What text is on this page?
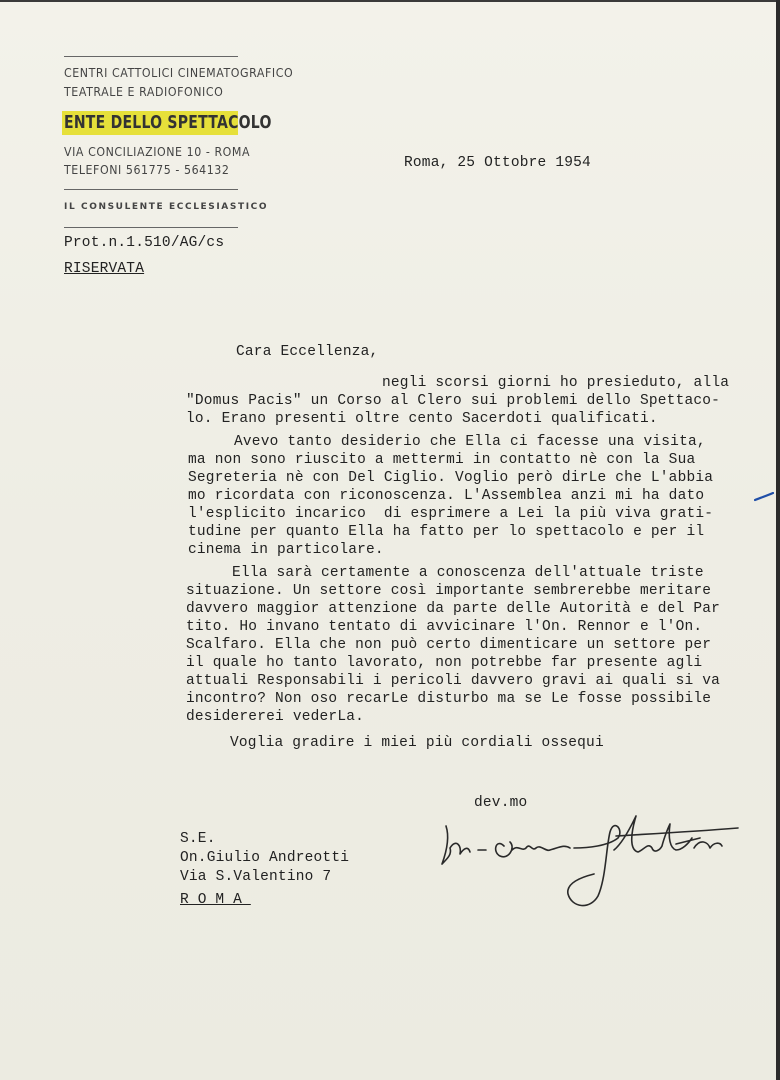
CENTRI CATTOLICI CINEMATOGRAFICO
TEATRALE E RADIOFONICO
ENTE DELLO SPETTACOLO
VIA CONCILIAZIONE 10 - ROMA
TELEFONI 561775 - 564132
IL CONSULENTE ECCLESIASTICO
Prot.n.1.510/AG/cs
RISERVATA
Roma, 25 Ottobre 1954
Cara Eccellenza,
negli scorsi giorni ho presieduto, alla
"Domus Pacis" un Corso al Clero sui problemi dello Spettaco-
lo. Erano presenti oltre cento Sacerdoti qualificati.
Avevo tanto desiderio che Ella ci facesse una visita,
ma non sono riuscito a mettermi in contatto nè con la Sua
Segreteria nè con Del Ciglio. Voglio però dirLe che L'abbia
mo ricordata con riconoscenza. L'Assemblea anzi mi ha dato
l'esplicito incarico  di esprimere a Lei la più viva grati-
tudine per quanto Ella ha fatto per lo spettacolo e per il
cinema in particolare.
Ella sarà certamente a conoscenza dell'attuale triste
situazione. Un settore così importante sembrerebbe meritare
davvero maggior attenzione da parte delle Autorità e del Par
tito. Ho invano tentato di avvicinare l'On. Rennor e l'On.
Scalfaro. Ella che non può certo dimenticare un settore per
il quale ho tanto lavorato, non potrebbe far presente agli
attuali Responsabili i pericoli davvero gravi ai quali si va
incontro? Non oso recarLe disturbo ma se Le fosse possibile
desidererei vederLa.
Voglia gradire i miei più cordiali ossequi
dev.mo
S.E.
On.Giulio Andreotti
Via S.Valentino 7
ROMA
